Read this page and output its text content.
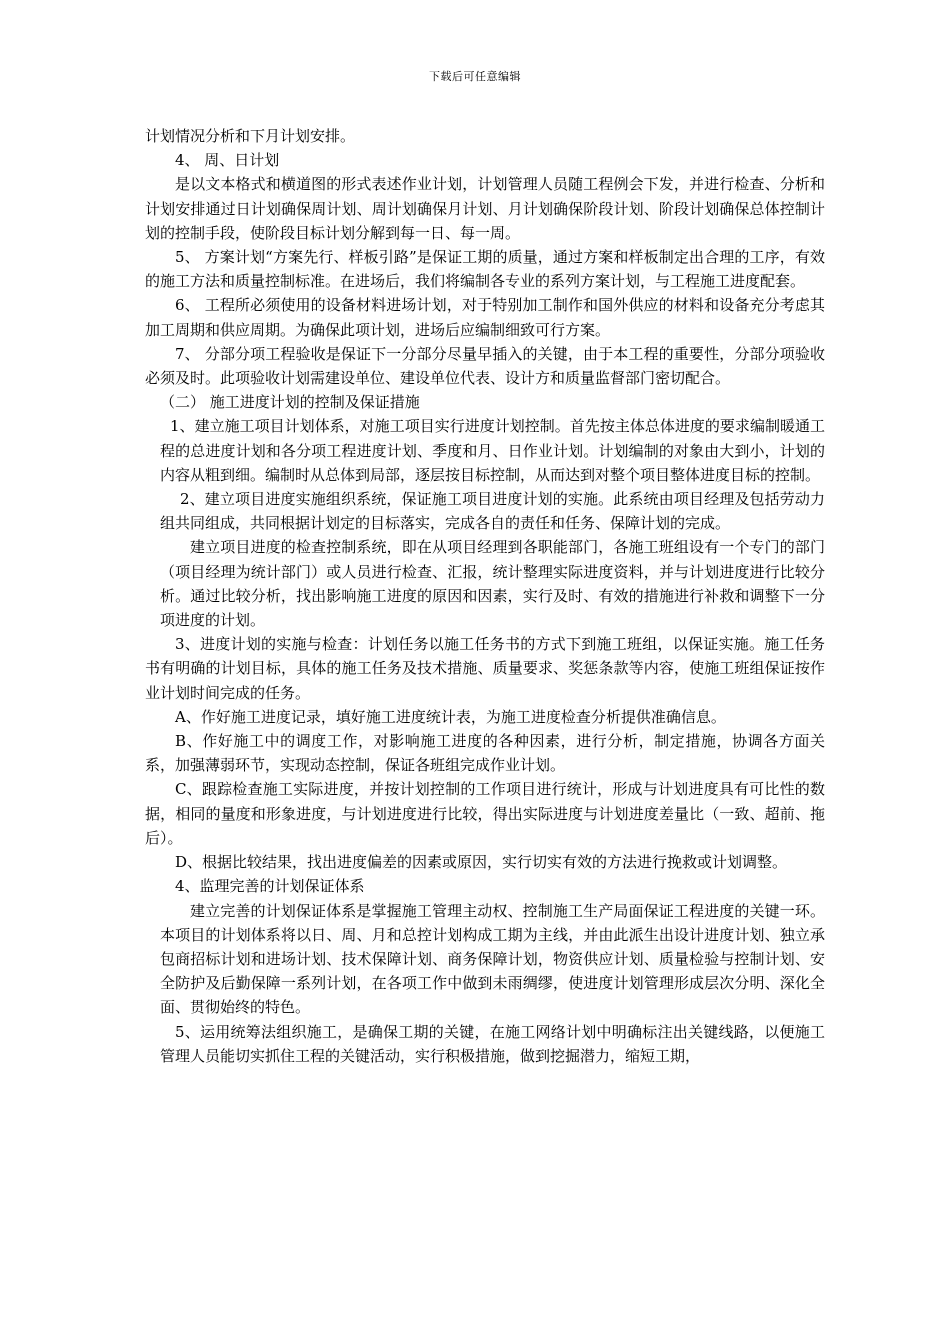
下载后可任意编辑

计划情况分析和下月计划安排。

4、 周、日计划

是以文本格式和横道图的形式表述作业计划，计划管理人员随工程例会下发，并进行检查、分析和计划安排通过日计划确保周计划、周计划确保月计划、月计划确保阶段计划、阶段计划确保总体控制计划的控制手段，使阶段目标计划分解到每一日、每一周。

5、 方案计划“方案先行、样板引路”是保证工期的质量，通过方案和样板制定出合理的工序，有效的施工方法和质量控制标准。在进场后，我们将编制各专业的系列方案计划，与工程施工进度配套。

6、 工程所必须使用的设备材料进场计划，对于特别加工制作和国外供应的材料和设备充分考虑其加工周期和供应周期。为确保此项计划，进场后应编制细致可行方案。

7、 分部分项工程验收是保证下一分部分尽量早插入的关键，由于本工程的重要性，分部分项验收必须及时。此项验收计划需建设单位、建设单位代表、设计方和质量监督部门密切配合。

（二） 施工进度计划的控制及保证措施

1、建立施工项目计划体系，对施工项目实行进度计划控制。首先按主体总体进度的要求编制暖通工程的总进度计划和各分项工程进度计划、季度和月、日作业计划。计划编制的对象由大到小，计划的内容从粗到细。编制时从总体到局部，逐层按目标控制，从而达到对整个项目整体进度目标的控制。

2、建立项目进度实施组织系统，保证施工项目进度计划的实施。此系统由项目经理及包括劳动力组共同组成，共同根据计划定的目标落实，完成各自的责任和任务、保障计划的完成。

建立项目进度的检查控制系统，即在从项目经理到各职能部门，各施工班组设有一个专门的部门（项目经理为统计部门）或人员进行检查、汇报，统计整理实际进度资料，并与计划进度进行比较分析。通过比较分析，找出影响施工进度的原因和因素，实行及时、有效的措施进行补救和调整下一分项进度的计划。

3、进度计划的实施与检查：计划任务以施工任务书的方式下到施工班组，以保证实施。施工任务书有明确的计划目标，具体的施工任务及技术措施、质量要求、奖惩条款等内容，使施工班组保证按作业计划时间完成的任务。

A、作好施工进度记录，填好施工进度统计表，为施工进度检查分析提供准确信息。

B、作好施工中的调度工作，对影响施工进度的各种因素，进行分析，制定措施，协调各方面关系，加强薄弱环节，实现动态控制，保证各班组完成作业计划。

C、跟踪检查施工实际进度，并按计划控制的工作项目进行统计，形成与计划进度具有可比性的数据，相同的量度和形象进度，与计划进度进行比较，得出实际进度与计划进度差量比（一致、超前、拖后）。

D、根据比较结果，找出进度偏差的因素或原因，实行切实有效的方法进行挽救或计划调整。

4、监理完善的计划保证体系

建立完善的计划保证体系是掌握施工管理主动权、控制施工生产局面保证工程进度的关键一环。本项目的计划体系将以日、周、月和总控计划构成工期为主线，并由此派生出设计进度计划、独立承包商招标计划和进场计划、技术保障计划、商务保障计划，物资供应计划、质量检验与控制计划、安全防护及后勤保障一系列计划，在各项工作中做到未雨绸缪，使进度计划管理形成层次分明、深化全面、贯彻始终的特色。

5、运用统筹法组织施工，是确保工期的关键，在施工网络计划中明确标注出关键线路，以便施工管理人员能切实抓住工程的关键活动，实行积极措施，做到挖掘潜力，缩短工期，
